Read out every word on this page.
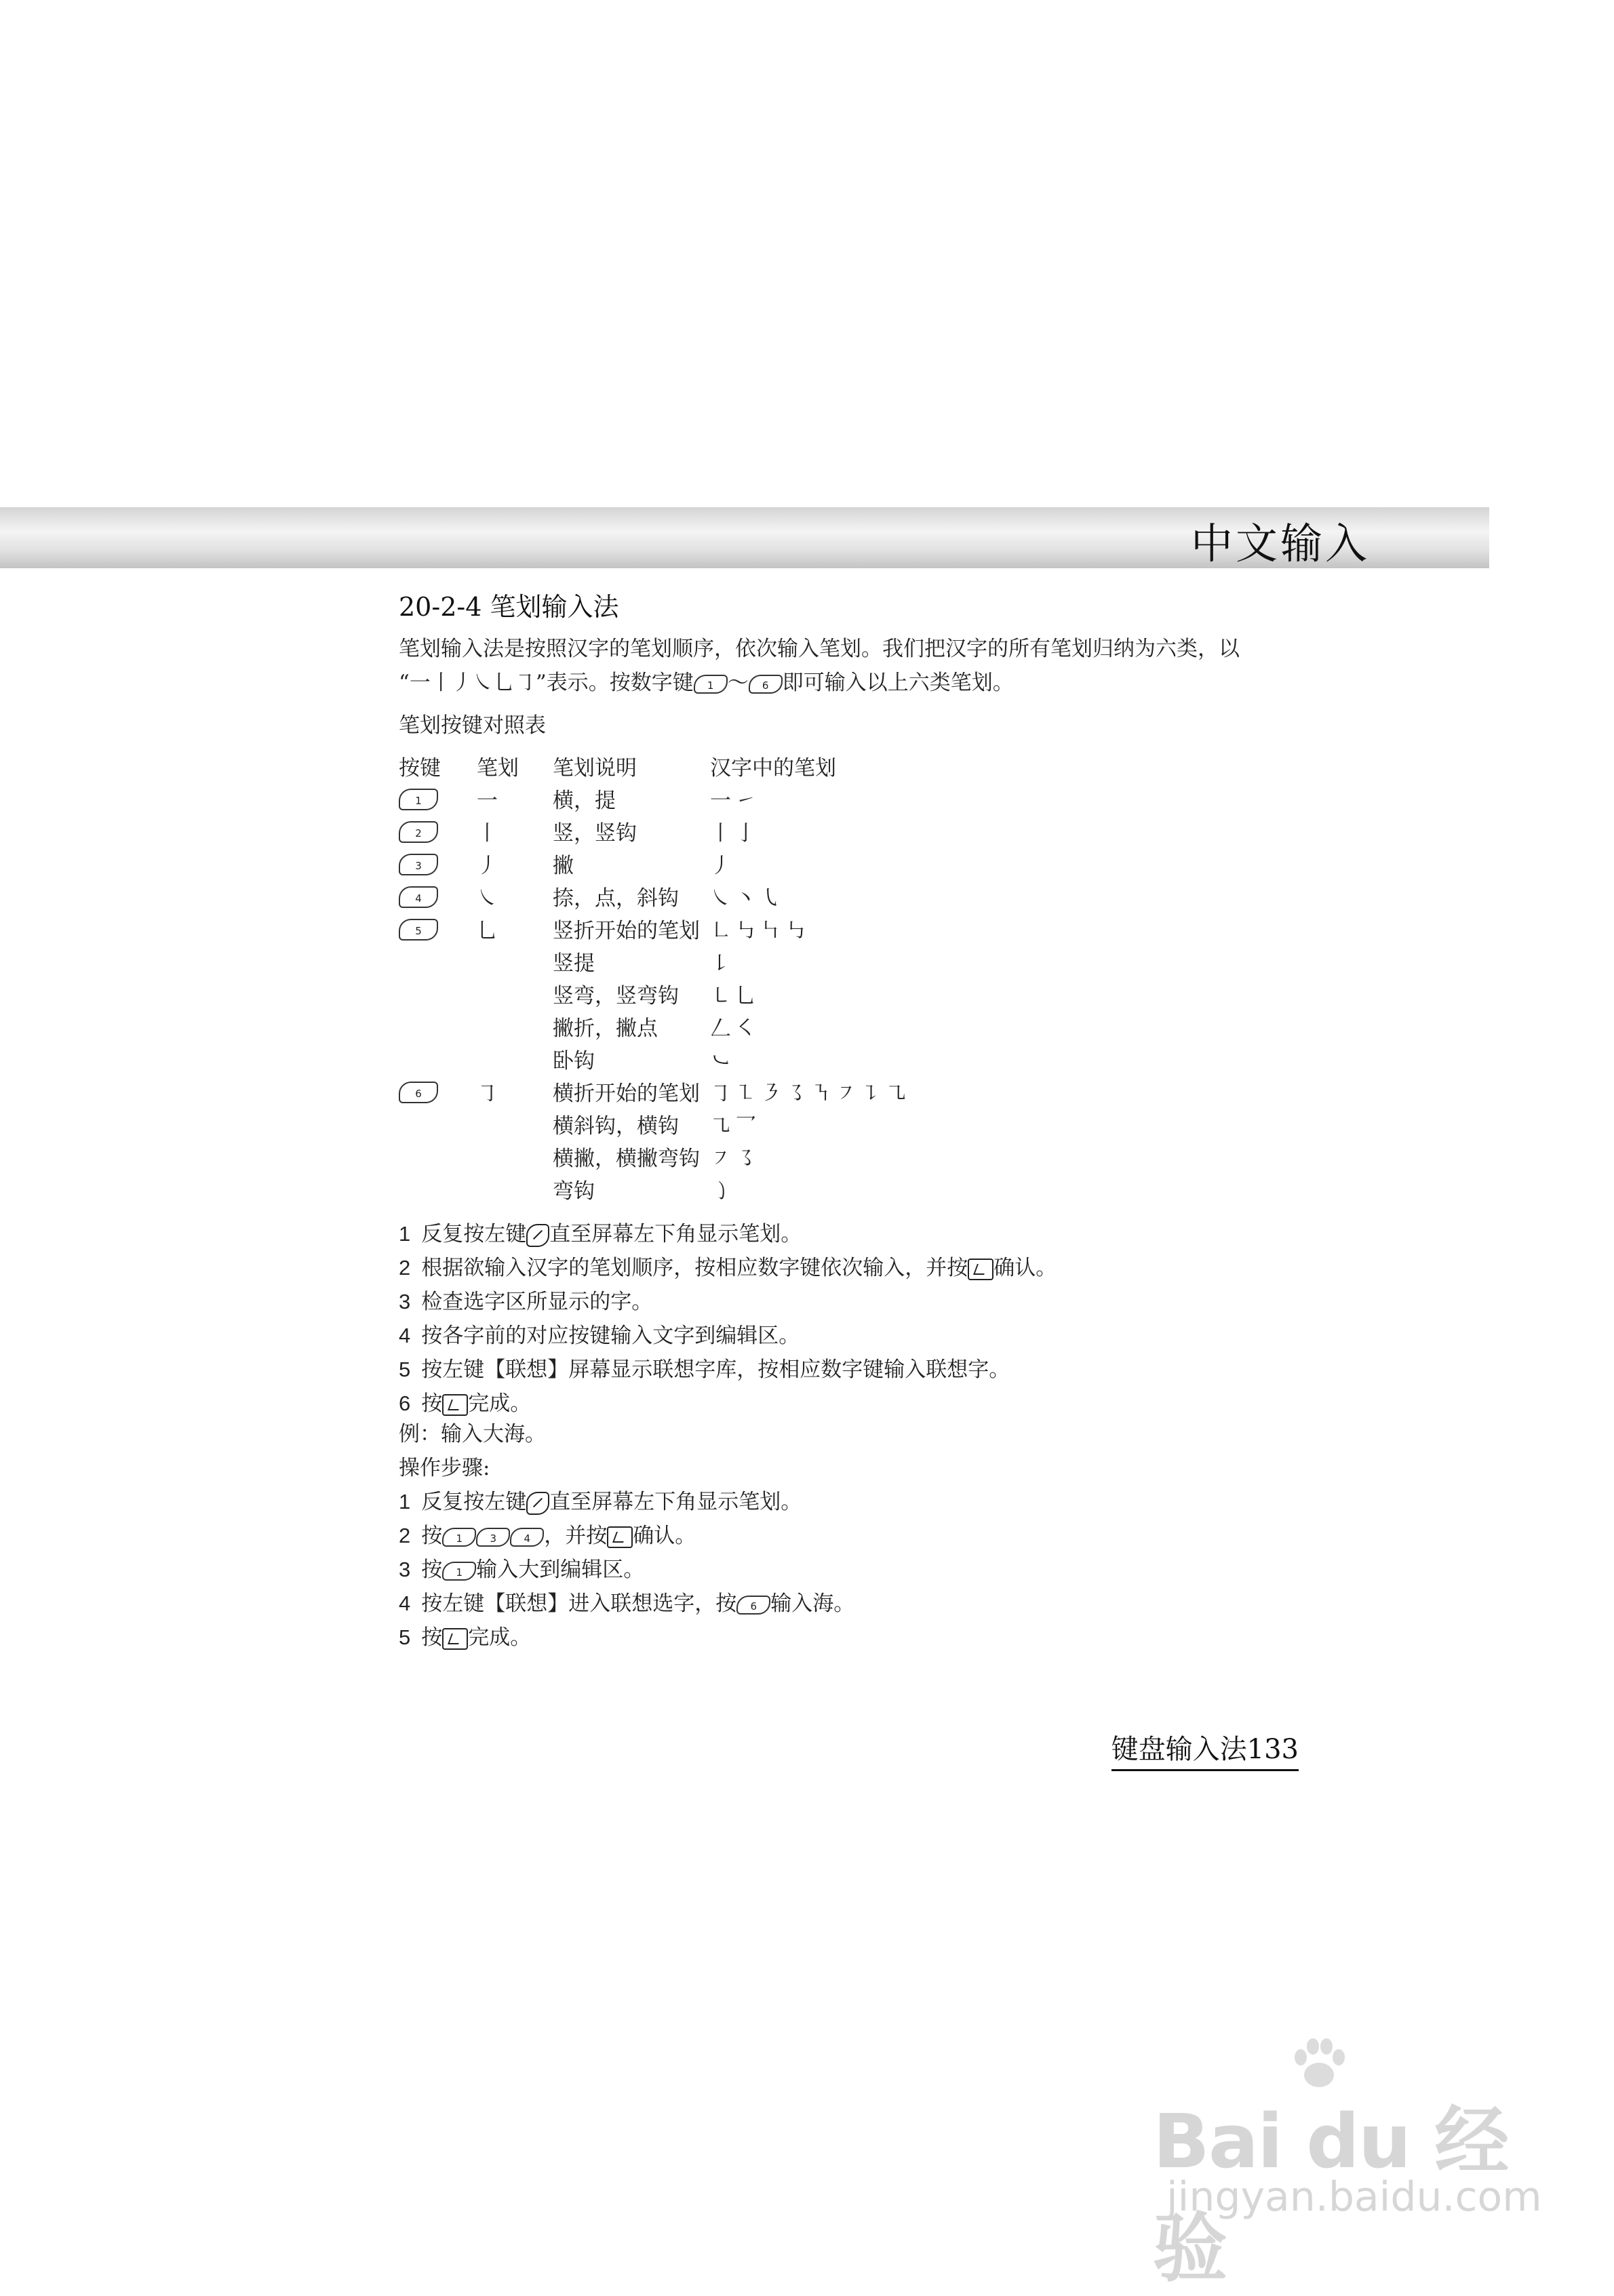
中文输入
20-2-4 笔划输入法
笔划输入法是按照汉字的笔划顺序，依次输入笔划。我们把汉字的所有笔划归纳为六类，以
“一丨丿㇏乚㇆”表示。按数字键 1 ～ 6 即可输入以上六类笔划。
笔划按键对照表
按键	笔划	笔划说明	汉字中的笔划
1	一	横，提	一㇀
2	丨	竖，竖钩	丨亅
3	丿	撇	丿
4	㇏	捺，点，斜钩	㇏丶㇂
5	乚	竖折开始的笔划	㇗㇉㇞㇉
		竖提	㇙
		竖弯，竖弯钩	㇄乚
		撇折，撇点	𠃋㇛
		卧钩	㇃
6	㇆	横折开始的笔划	㇆㇅㇋㇌㇎㇇㇊㇈
		横斜钩，横钩	㇈乛
		横撇，横撇弯钩	㇇㇌
		弯钩	㇁
1 反复按左键 直至屏幕左下角显示笔划。
2 根据欲输入汉字的笔划顺序，按相应数字键依次输入，并按 确认。
3 检查选字区所显示的字。
4 按各字前的对应按键输入文字到编辑区。
5 按左键【联想】屏幕显示联想字库，按相应数字键输入联想字。
6 按 完成。
例：输入大海。
操作步骤:
1 反复按左键 直至屏幕左下角显示笔划。
2 按 1	3	4 ，并按 确认。
3 按 1 输入大到编辑区。
4 按左键【联想】进入联想选字，按 6 输入海。
5 按 完成。
键盘输入法133
Bai du 经验
jingyan.baidu.com
